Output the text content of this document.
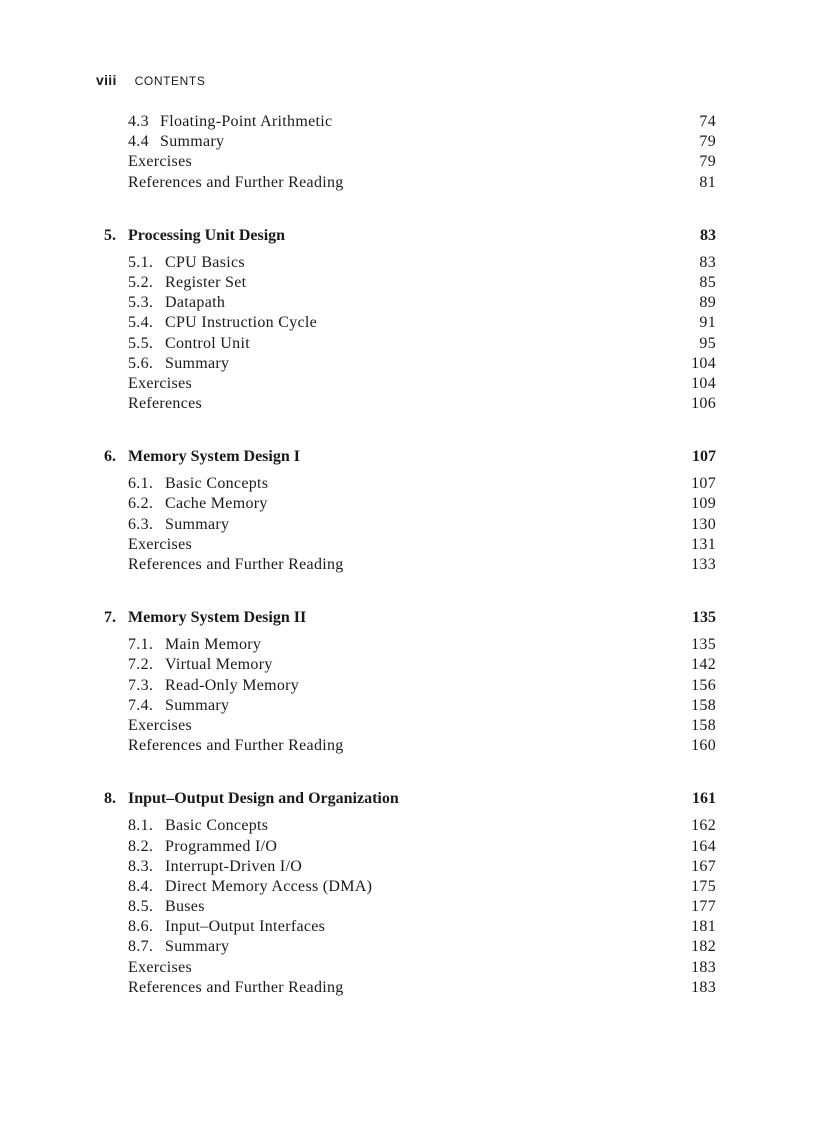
viii CONTENTS
4.3 Floating-Point Arithmetic	74
4.4 Summary	79
Exercises	79
References and Further Reading	81
5. Processing Unit Design	83
5.1. CPU Basics	83
5.2. Register Set	85
5.3. Datapath	89
5.4. CPU Instruction Cycle	91
5.5. Control Unit	95
5.6. Summary	104
Exercises	104
References	106
6. Memory System Design I	107
6.1. Basic Concepts	107
6.2. Cache Memory	109
6.3. Summary	130
Exercises	131
References and Further Reading	133
7. Memory System Design II	135
7.1. Main Memory	135
7.2. Virtual Memory	142
7.3. Read-Only Memory	156
7.4. Summary	158
Exercises	158
References and Further Reading	160
8. Input–Output Design and Organization	161
8.1. Basic Concepts	162
8.2. Programmed I/O	164
8.3. Interrupt-Driven I/O	167
8.4. Direct Memory Access (DMA)	175
8.5. Buses	177
8.6. Input–Output Interfaces	181
8.7. Summary	182
Exercises	183
References and Further Reading	183
